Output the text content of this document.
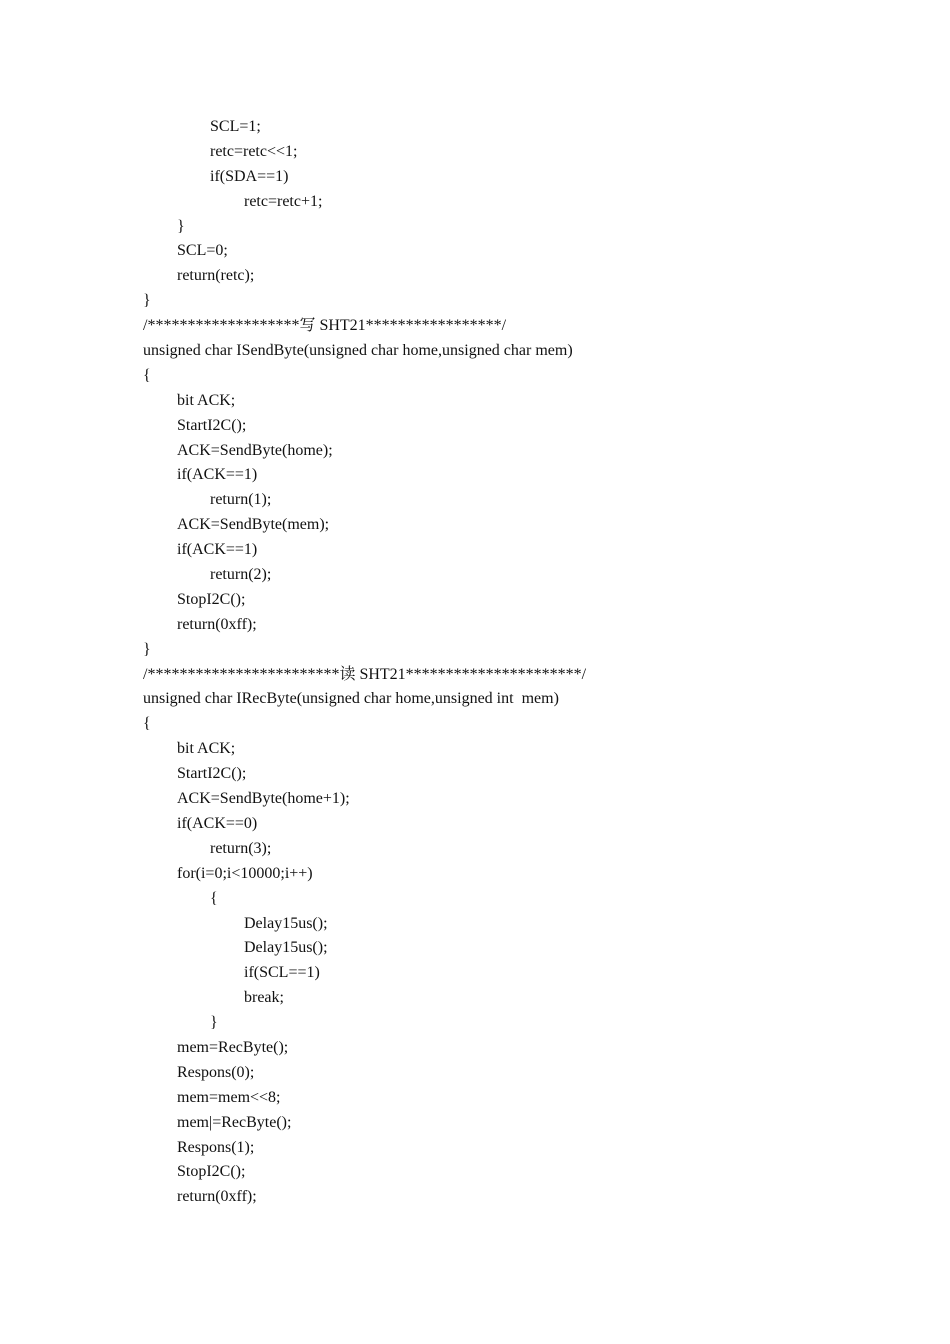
SCL=1;
retc=retc<<1;
if(SDA==1)
retc=retc+1;
}
SCL=0;
return(retc);
}
/*******************写 SHT21*****************/
unsigned char ISendByte(unsigned char home,unsigned char mem)
{
bit ACK;
StartI2C();
ACK=SendByte(home);
if(ACK==1)
return(1);
ACK=SendByte(mem);
if(ACK==1)
return(2);
StopI2C();
return(0xff);
}
/************************读 SHT21**********************/
unsigned char IRecByte(unsigned char home,unsigned int  mem)
{
bit ACK;
StartI2C();
ACK=SendByte(home+1);
if(ACK==0)
return(3);
for(i=0;i<10000;i++)
{
Delay15us();
Delay15us();
if(SCL==1)
break;
}
mem=RecByte();
Respons(0);
mem=mem<<8;
mem|=RecByte();
Respons(1);
StopI2C();
return(0xff);
